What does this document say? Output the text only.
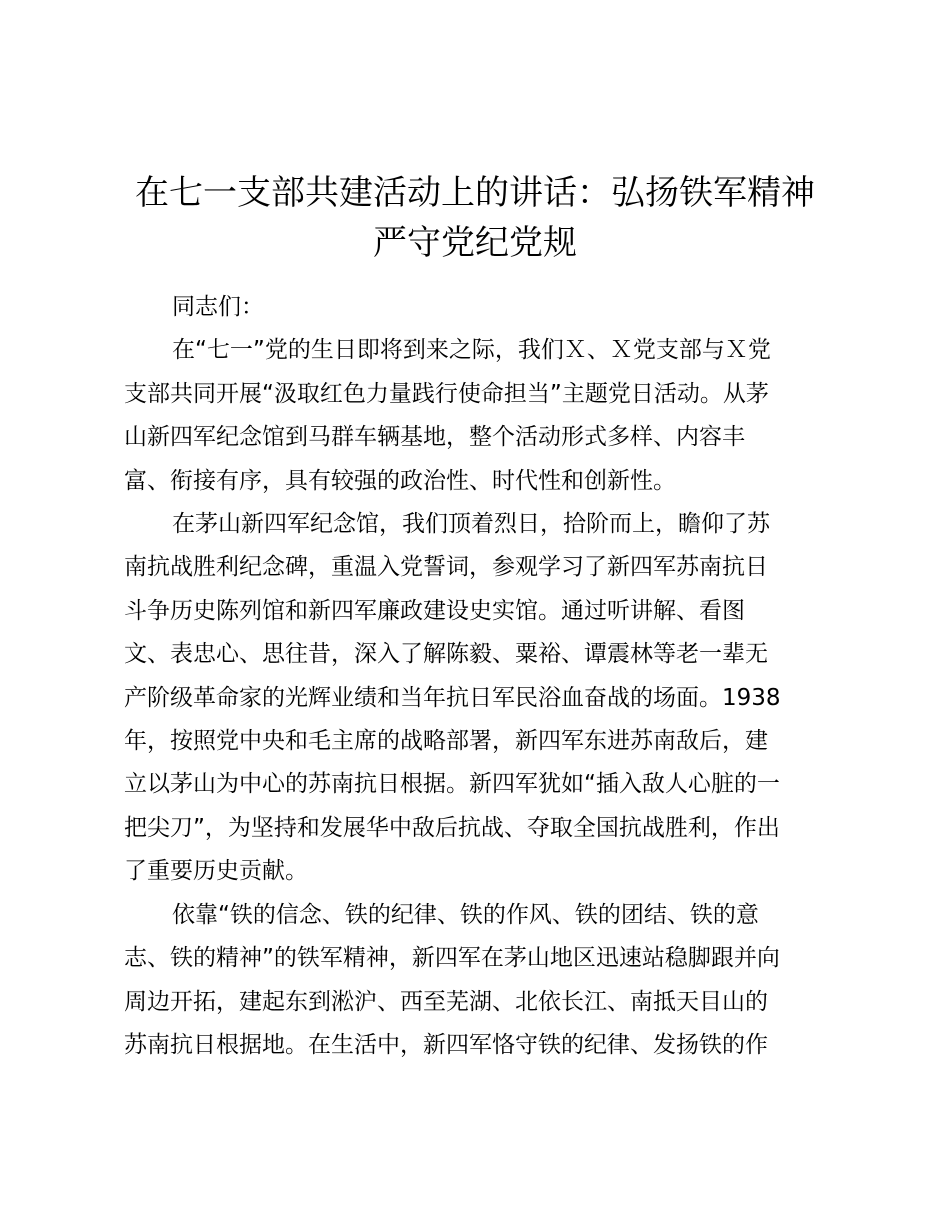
在七一支部共建活动上的讲话：弘扬铁军精神
严守党纪党规

同志们：

在“七一”党的生日即将到来之际，我们Ｘ、Ｘ党支部与Ｘ党
支部共同开展“汲取红色力量践行使命担当”主题党日活动。从茅
山新四军纪念馆到马群车辆基地，整个活动形式多样、内容丰
富、衔接有序，具有较强的政治性、时代性和创新性。

在茅山新四军纪念馆，我们顶着烈日，拾阶而上，瞻仰了苏
南抗战胜利纪念碑，重温入党誓词，参观学习了新四军苏南抗日
斗争历史陈列馆和新四军廉政建设史实馆。通过听讲解、看图
文、表忠心、思往昔，深入了解陈毅、粟裕、谭震林等老一辈无
产阶级革命家的光辉业绩和当年抗日军民浴血奋战的场面。1938
年，按照党中央和毛主席的战略部署，新四军东进苏南敌后，建
立以茅山为中心的苏南抗日根据。新四军犹如“插入敌人心脏的一
把尖刀”，为坚持和发展华中敌后抗战、夺取全国抗战胜利，作出
了重要历史贡献。

依靠“铁的信念、铁的纪律、铁的作风、铁的团结、铁的意
志、铁的精神”的铁军精神，新四军在茅山地区迅速站稳脚跟并向
周边开拓，建起东到淞沪、西至芜湖、北依长江、南抵天目山的
苏南抗日根据地。在生活中，新四军恪守铁的纪律、发扬铁的作
